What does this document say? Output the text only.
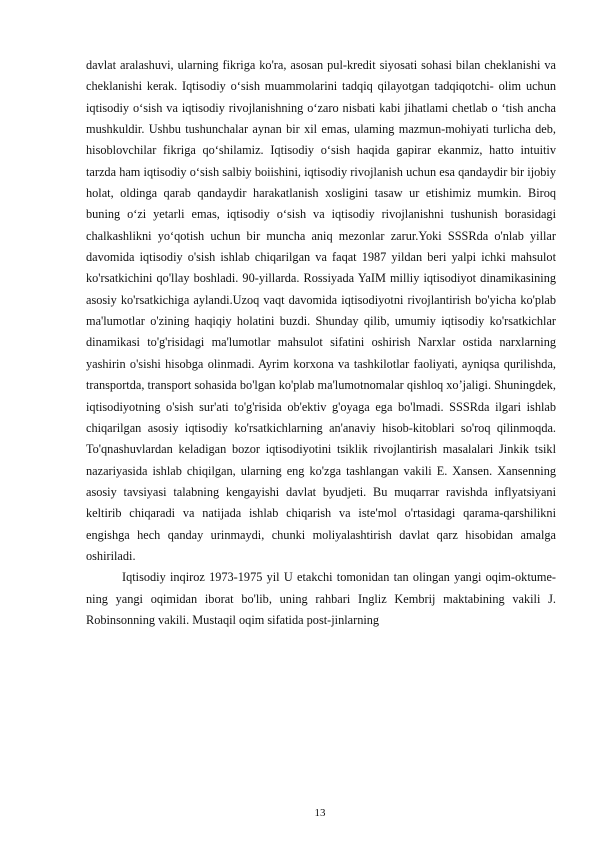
davlat aralashuvi, ularning fikriga ko'ra, asosan pul-kredit siyosati sohasi bilan cheklanishi va cheklanishi kerak. Iqtisodiy o‘sish muammolarini tadqiq qilayotgan tadqiqotchi- olim uchun iqtisodiy o‘sish va iqtisodiy rivojlanishning o‘zaro nisbati kabi jihatlami chetlab o ‘tish ancha mushkuldir. Ushbu tushunchalar aynan bir xil emas, ulaming mazmun-mohiyati turlicha deb, hisoblovchilar fikriga qo‘shilamiz. Iqtisodiy o‘sish haqida gapirar ekanmiz, hatto intuitiv tarzda ham iqtisodiy o‘sish salbiy boiishini, iqtisodiy rivojlanish uchun esa qandaydir bir ijobiy holat, oldinga qarab qandaydir harakatlanish xosligini tasaw ur etishimiz mumkin. Biroq buning o‘zi yetarli emas, iqtisodiy o‘sish va iqtisodiy rivojlanishni tushunish borasidagi chalkashlikni yo‘qotish uchun bir muncha aniq mezonlar zarur.Yoki SSSRda o'nlab yillar davomida iqtisodiy o'sish ishlab chiqarilgan va faqat 1987 yildan beri yalpi ichki mahsulot ko'rsatkichini qo'llay boshladi. 90-yillarda. Rossiyada YaIM milliy iqtisodiyot dinamikasining asosiy ko'rsatkichiga aylandi.Uzoq vaqt davomida iqtisodiyotni rivojlantirish bo'yicha ko'plab ma'lumotlar o'zining haqiqiy holatini buzdi. Shunday qilib, umumiy iqtisodiy ko'rsatkichlar dinamikasi to'g'risidagi ma'lumotlar mahsulot sifatini oshirish Narxlar ostida narxlarning yashirin o'sishi hisobga olinmadi. Ayrim korxona va tashkilotlar faoliyati, ayniqsa qurilishda, transportda, transport sohasida bo'lgan ko'plab ma'lumotnomalar qishloq xo’jaligi. Shuningdek, iqtisodiyotning o'sish sur'ati to'g'risida ob'ektiv g'oyaga ega bo'lmadi. SSSRda ilgari ishlab chiqarilgan asosiy iqtisodiy ko'rsatkichlarning an'anaviy hisob-kitoblari so'roq qilinmoqda. To'qnashuvlardan keladigan bozor iqtisodiyotini tsiklik rivojlantirish masalalari Jinkik tsikl nazariyasida ishlab chiqilgan, ularning eng ko'zga tashlangan vakili E. Xansen. Xansenning asosiy tavsiyasi talabning kengayishi davlat byudjeti. Bu muqarrar ravishda inflyatsiyani keltirib chiqaradi va natijada ishlab chiqarish va iste'mol o'rtasidagi qarama-qarshilikni engishga hech qanday urinmaydi, chunki moliyalashtirish davlat qarz hisobidan amalga oshiriladi.

Iqtisodiy inqiroz 1973-1975 yil U etakchi tomonidan tan olingan yangi oqim-oktume-ning yangi oqimidan iborat bo'lib, uning rahbari Ingliz Kembrij maktabining vakili J. Robinsonning vakili. Mustaqil oqim sifatida post-jinlarning

13
